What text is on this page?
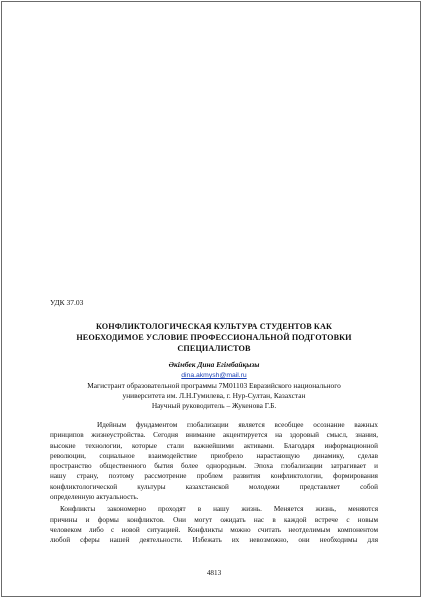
УДК 37.03
КОНФЛИКТОЛОГИЧЕСКАЯ КУЛЬТУРА СТУДЕНТОВ КАК
НЕОБХОДИМОЕ УСЛОВИЕ ПРОФЕССИОНАЛЬНОЙ ПОДГОТОВКИ
СПЕЦИАЛИСТОВ
Әкімбек Дина Егімбайқызы
dina.akmysh@mail.ru
Магистрант образовательной программы 7М01103 Евразийского национального
университета им. Л.Н.Гумилева, г. Нур-Султан, Казахстан
Научный руководитель – Жукенова Г.Б.
Идейным фундаментом глобализации является всеобщее осознание важных
принципов жизнеустройства. Сегодня внимание акцентируется на здоровый смысл, знания,
высокие технологии, которые стали важнейшими активами. Благодаря информационной
революции, социальное взаимодействие приобрело нарастающую динамику, сделав
пространство общественного бытия более однородным. Эпоха глобализации затрагивает и
нашу страну, поэтому рассмотрение проблем развития конфликтологии, формирования
конфликтологической культуры казахстанской молодежи представляет собой
определенную актуальность.
Конфликты закономерно проходят в нашу жизнь. Меняется жизнь, меняются
причины и формы конфликтов. Они могут ожидать нас в каждой встрече с новым
человеком либо с новой ситуацией. Конфликты можно считать неотделимым компонентом
любой сферы нашей деятельности. Избежать их невозможно, они необходимы для
4813
